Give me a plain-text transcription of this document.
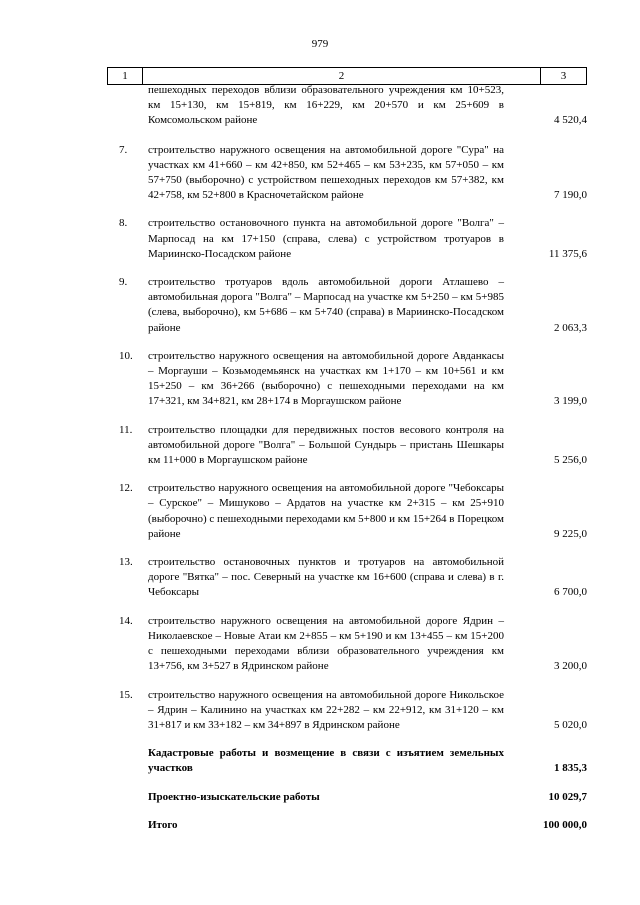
979
1	2	3
пешеходных переходов вблизи образовательного учреждения км 10+523, км 15+130, км 15+819, км 16+229, км 20+570 и км 25+609 в Комсомольском районе	4 520,4
7. строительство наружного освещения на автомобильной дороге "Сура" на участках км 41+660 – км 42+850, км 52+465 – км 53+235, км 57+050 – км 57+750 (выборочно) с устройством пешеходных переходов км 57+382, км 42+758, км 52+800 в Красночетайском районе	7 190,0
8. строительство остановочного пункта на автомобильной дороге "Волга" – Марпосад на км 17+150 (справа, слева) с устройством тротуаров в Мариинско-Посадском районе	11 375,6
9. строительство тротуаров вдоль автомобильной дороги Атлашево – автомобильная дорога "Волга" – Марпосад на участке км 5+250 – км 5+985 (слева, выборочно), км 5+686 – км 5+740 (справа) в Мариинско-Посадском районе	2 063,3
10. строительство наружного освещения на автомобильной дороге Авданкасы – Моргауши – Козьмодемьянск на участках км 1+170 – км 10+561 и км 15+250 – км 36+266 (выборочно) с пешеходными переходами на км 17+321, км 34+821, км 28+174 в Моргаушском районе	3 199,0
11. строительство площадки для передвижных постов весового контроля на автомобильной дороге "Волга" – Большой Сундырь – пристань Шешкары км 11+000 в Моргаушском районе	5 256,0
12. строительство наружного освещения на автомобильной дороге "Чебоксары – Сурское" – Мишуково – Ардатов на участке км 2+315 – км 25+910 (выборочно) с пешеходными переходами км 5+800 и км 15+264 в Порецком районе	9 225,0
13. строительство остановочных пунктов и тротуаров на автомобильной дороге "Вятка" – пос. Северный на участке км 16+600 (справа и слева) в г. Чебоксары	6 700,0
14. строительство наружного освещения на автомобильной дороге Ядрин – Николаевское – Новые Атаи км 2+855 – км 5+190 и км 13+455 – км 15+200 с пешеходными переходами вблизи образовательного учреждения км 13+756, км 3+527 в Ядринском районе	3 200,0
15. строительство наружного освещения на автомобильной дороге Никольское – Ядрин – Калинино на участках км 22+282 – км 22+912, км 31+120 – км 31+817 и км 33+182 – км 34+897 в Ядринском районе	5 020,0
Кадастровые работы и возмещение в связи с изъятием земельных участков	1 835,3
Проектно-изыскательские работы	10 029,7
Итого	100 000,0
